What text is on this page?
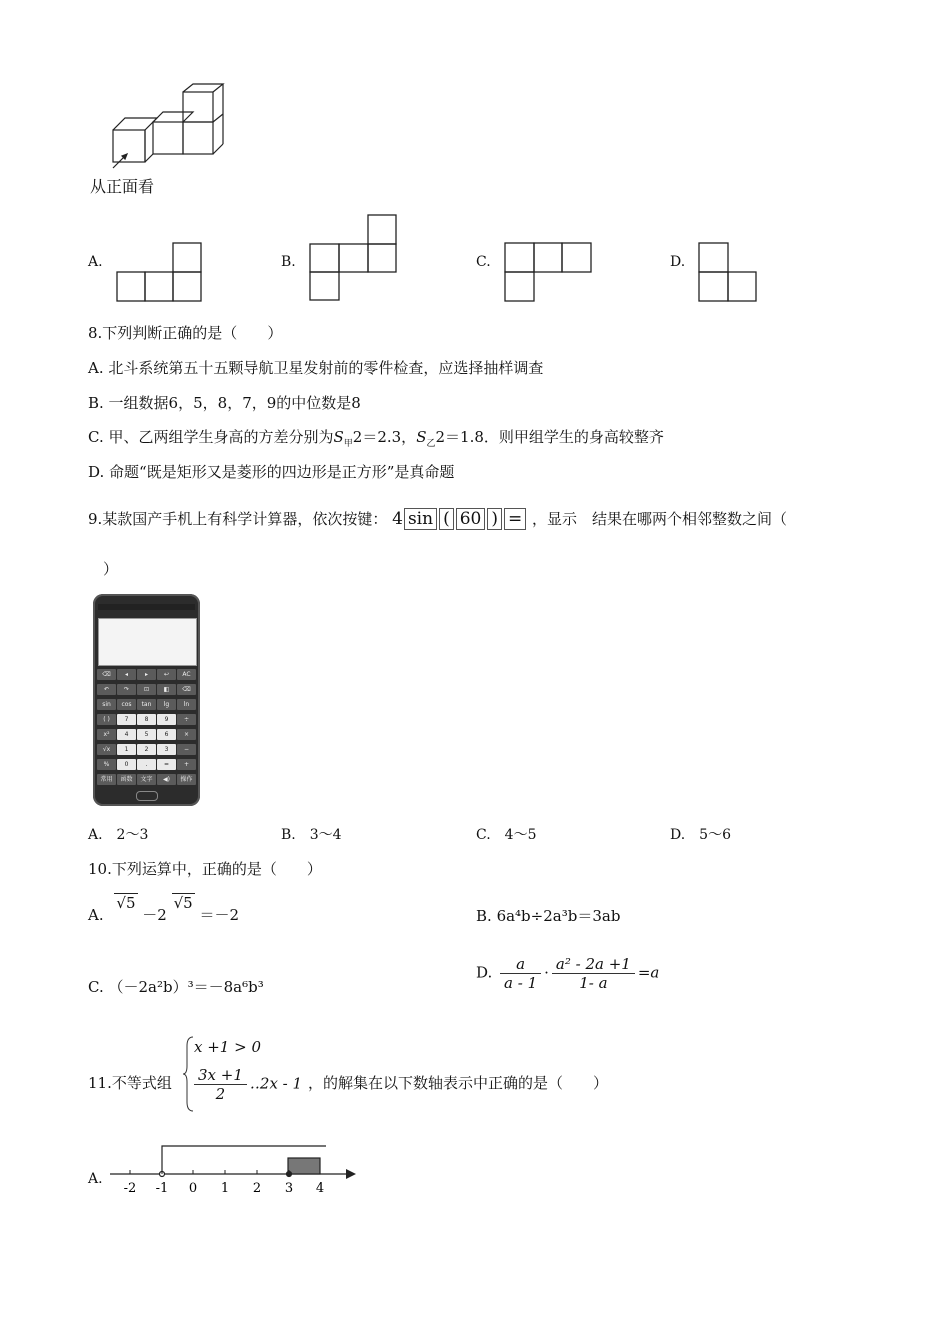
从正面看
A.	B.	C.	D.
8.下列判断正确的是（　　）
A. 北斗系统第五十五颗导航卫星发射前的零件检查，应选择抽样调查
B. 一组数据6，5，8，7，9的中位数是8
C. 甲、乙两组学生身高的方差分别为$S_甲2=2.3$，$S_乙2=1.8$．则甲组学生的身高较整齐
D. 命题“既是矩形又是菱形的四边形是正方形”是真命题
9.某款国产手机上有科学计算器，依次按键： 4 sin ( 60 ) = ，显示　结果在哪两个相邻整数之间（
）
⌫	◂	▸	↩	AC
↶	↷	⊡	◧	⌫
sin	cos	tan	lg	ln
( )	7	8	9	÷
x²	4	5	6	×
√x	1	2	3	−
%	0	.	=	+
常用	函数	文字	◀)	操作
A.　2～3	B.　3～4	C.　4～5	D.　5～6
10.下列运算中，正确的是（　　）
A. √5 －2 √5 ＝－2	B. 6a⁴b÷2a³b＝3ab
C. （－2a²b）³＝－8a⁶b³
D. $\frac{a}{a - 1} \cdot \frac{\text{a² - 2a +1}}{1- a} =a$
11.不等式组
x +1 > 0
$\frac{3x +1}{2}$ ‥2x - 1 ，的解集在以下数轴表示中正确的是（　　）
A.
-2 -1 0 1 2 3 4
